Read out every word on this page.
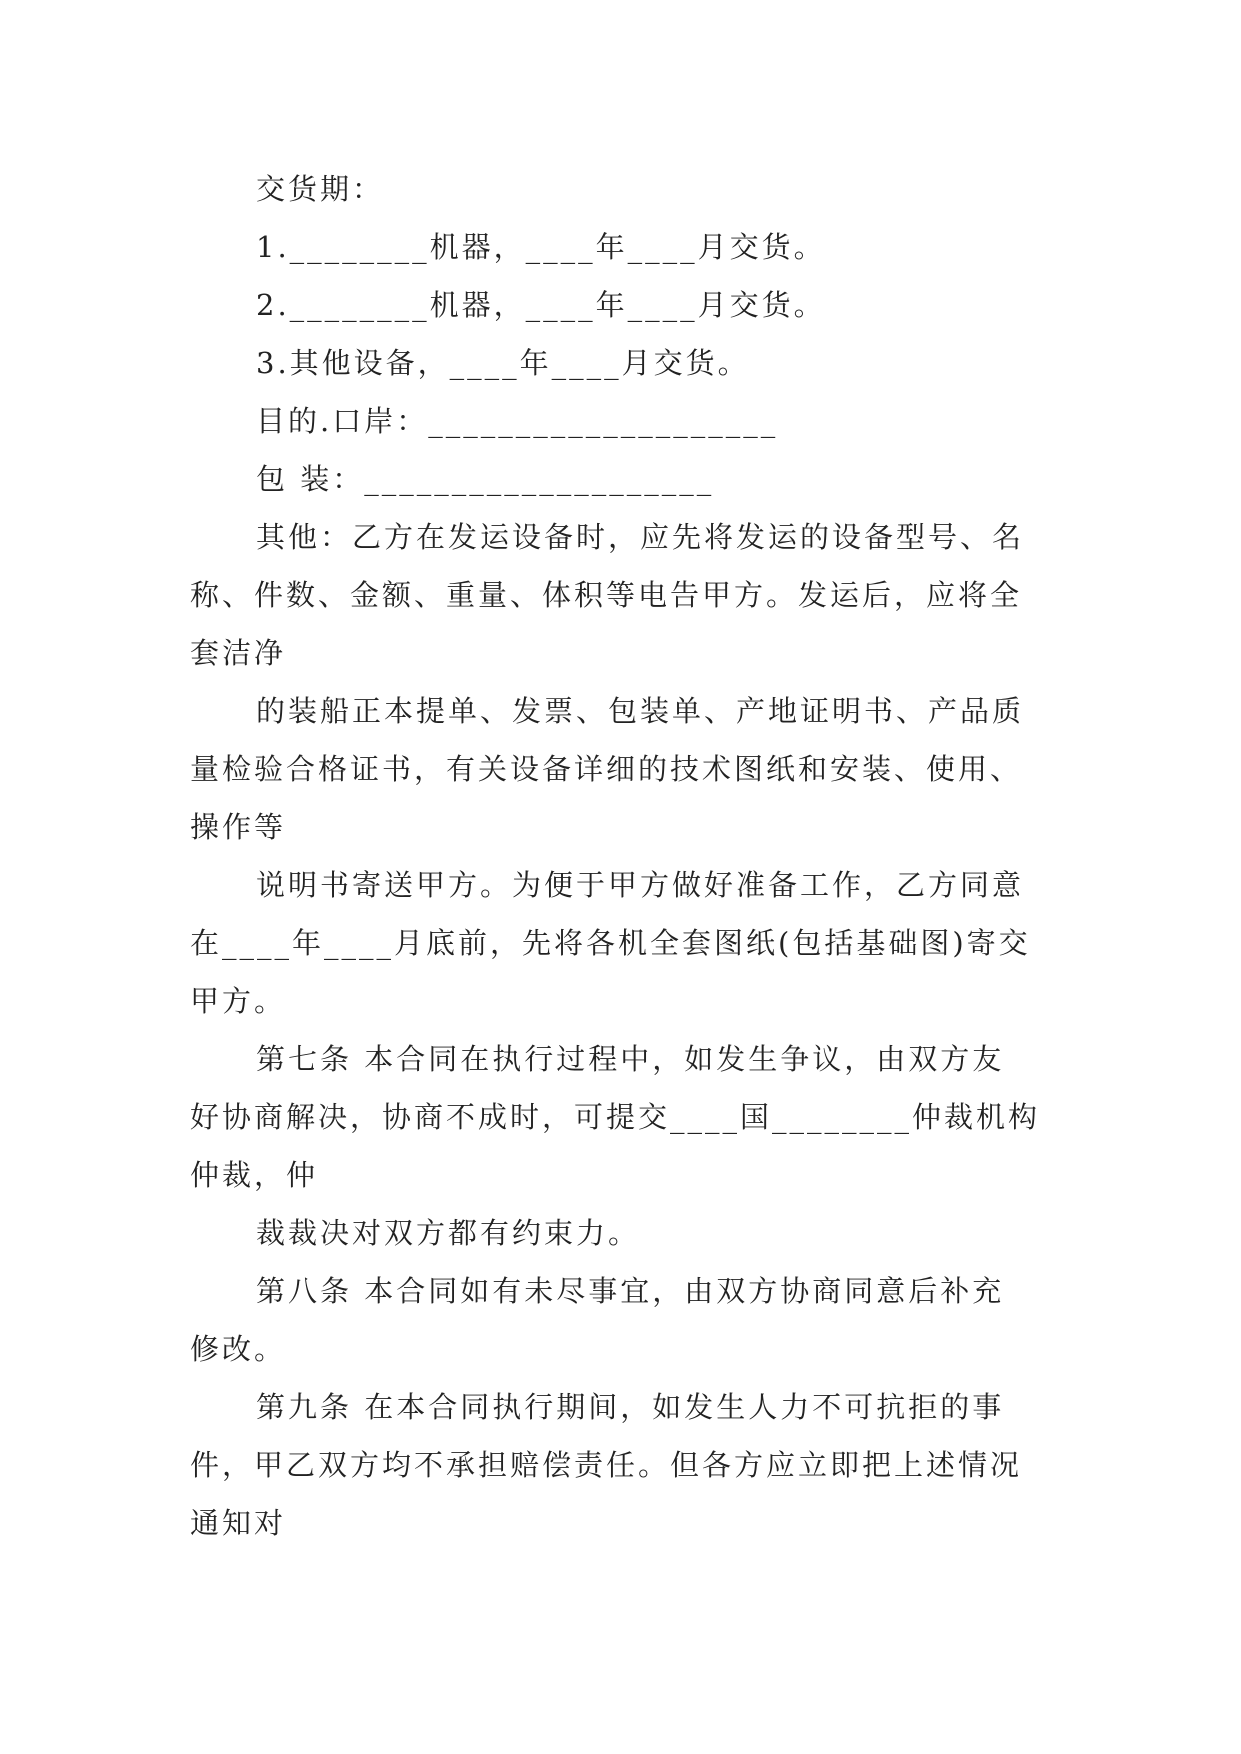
交货期：
1.________机器，____年____月交货。
2.________机器，____年____月交货。
3.其他设备，____年____月交货。
目的.口岸：____________________
包 装：____________________
其他：乙方在发运设备时，应先将发运的设备型号、名
称、件数、金额、重量、体积等电告甲方。发运后，应将全
套洁净
的装船正本提单、发票、包装单、产地证明书、产品质
量检验合格证书，有关设备详细的技术图纸和安装、使用、
操作等
说明书寄送甲方。为便于甲方做好准备工作，乙方同意
在____年____月底前，先将各机全套图纸(包括基础图)寄交
甲方。
第七条 本合同在执行过程中，如发生争议，由双方友
好协商解决，协商不成时，可提交____国________仲裁机构
仲裁，仲
裁裁决对双方都有约束力。
第八条 本合同如有未尽事宜，由双方协商同意后补充
修改。
第九条 在本合同执行期间，如发生人力不可抗拒的事
件，甲乙双方均不承担赔偿责任。但各方应立即把上述情况
通知对
